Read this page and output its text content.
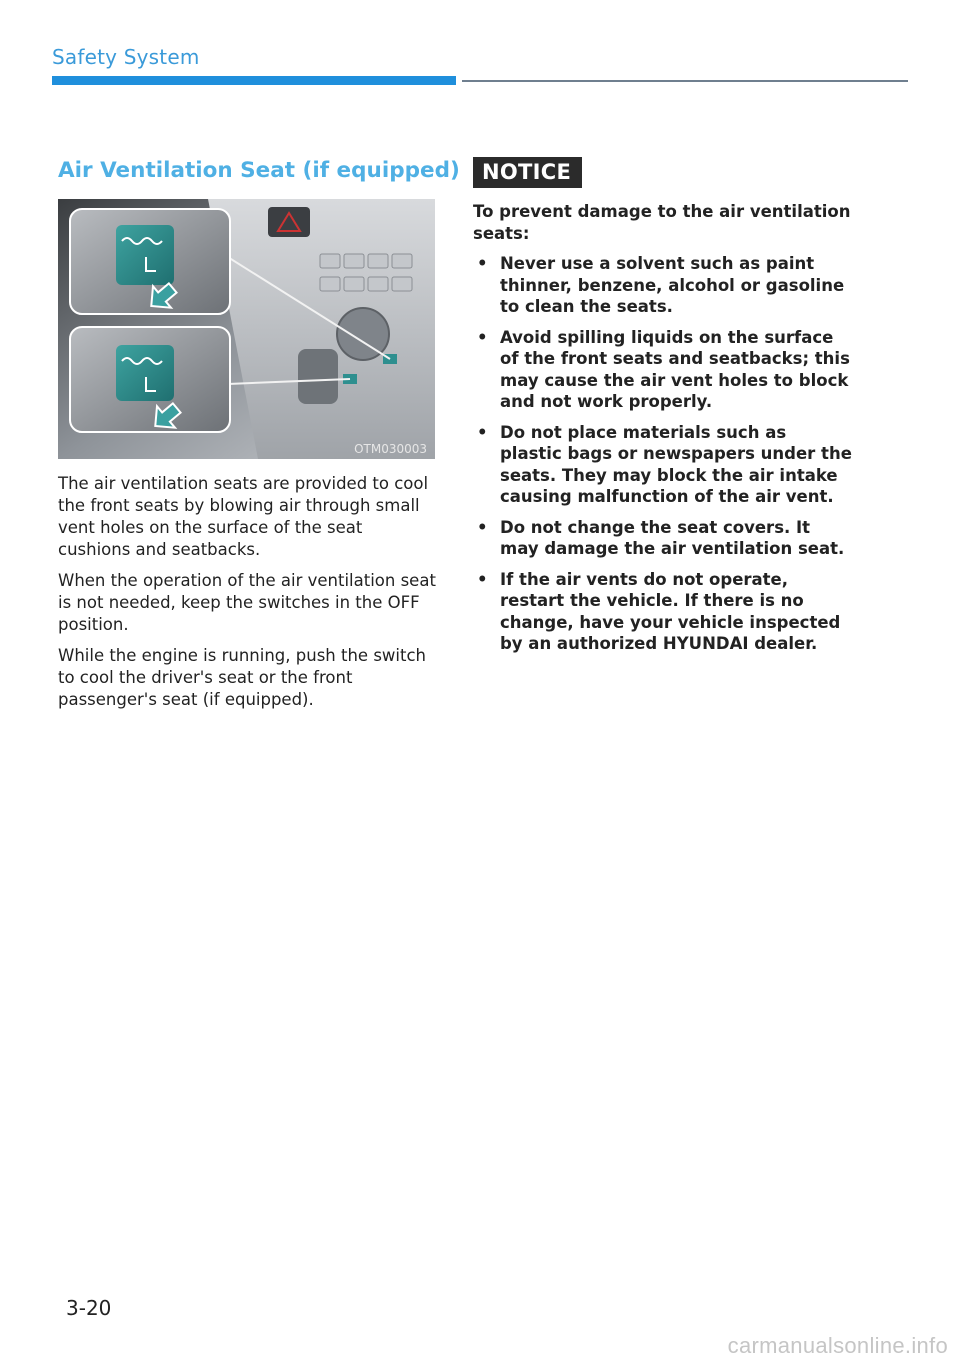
Safety System
Air Ventilation Seat (if equipped)
OTM030003

The air ventilation seats are provided to cool the front seats by blowing air through small vent holes on the surface of the seat cushions and seatbacks.

When the operation of the air ventilation seat is not needed, keep the switches in the OFF position.

While the engine is running, push the switch to cool the driver's seat or the front passenger's seat (if equipped).

NOTICE
To prevent damage to the air ventilation seats:
• Never use a solvent such as paint thinner, benzene, alcohol or gasoline to clean the seats.
• Avoid spilling liquids on the surface of the front seats and seatbacks; this may cause the air vent holes to block and not work properly.
• Do not place materials such as plastic bags or newspapers under the seats. They may block the air intake causing malfunction of the air vent.
• Do not change the seat covers. It may damage the air ventilation seat.
• If the air vents do not operate, restart the vehicle. If there is no change, have your vehicle inspected by an authorized HYUNDAI dealer.
3-20
carmanualsonline.info
